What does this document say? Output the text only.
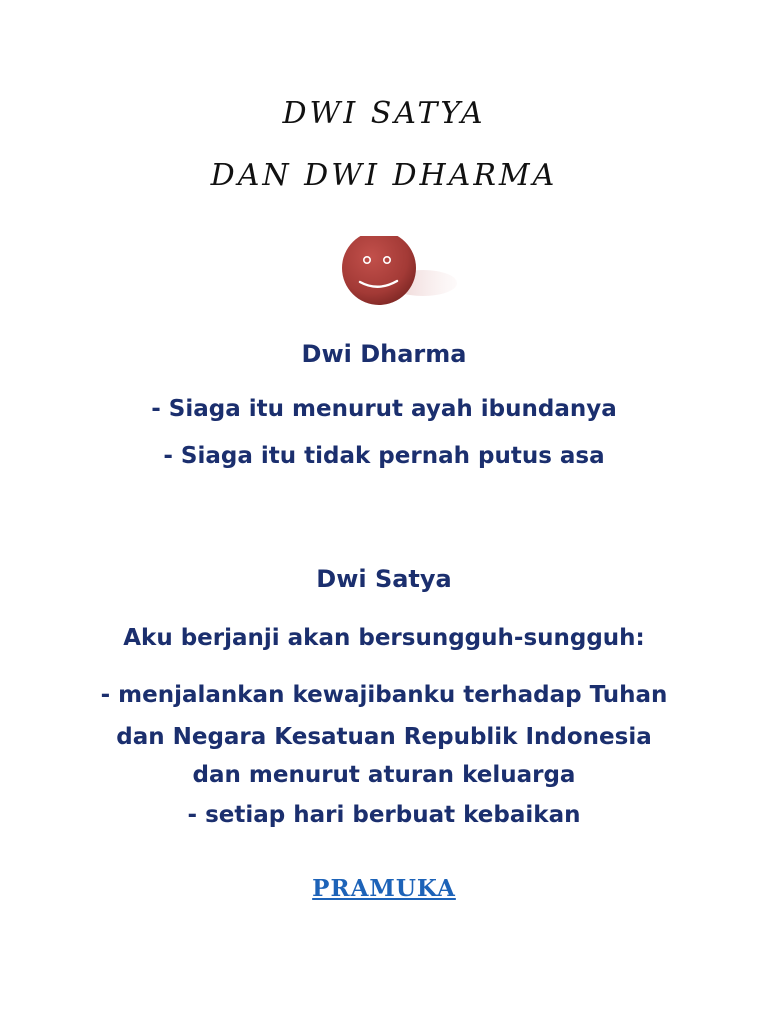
DWI SATYA
DAN DWI DHARMA
Dwi Dharma
- Siaga itu menurut ayah ibundanya
- Siaga itu tidak pernah putus asa
Dwi Satya
Aku berjanji akan bersungguh-sungguh:
- menjalankan kewajibanku terhadap Tuhan
dan Negara Kesatuan Republik Indonesia
dan menurut aturan keluarga
- setiap hari berbuat kebaikan
PRAMUKA
